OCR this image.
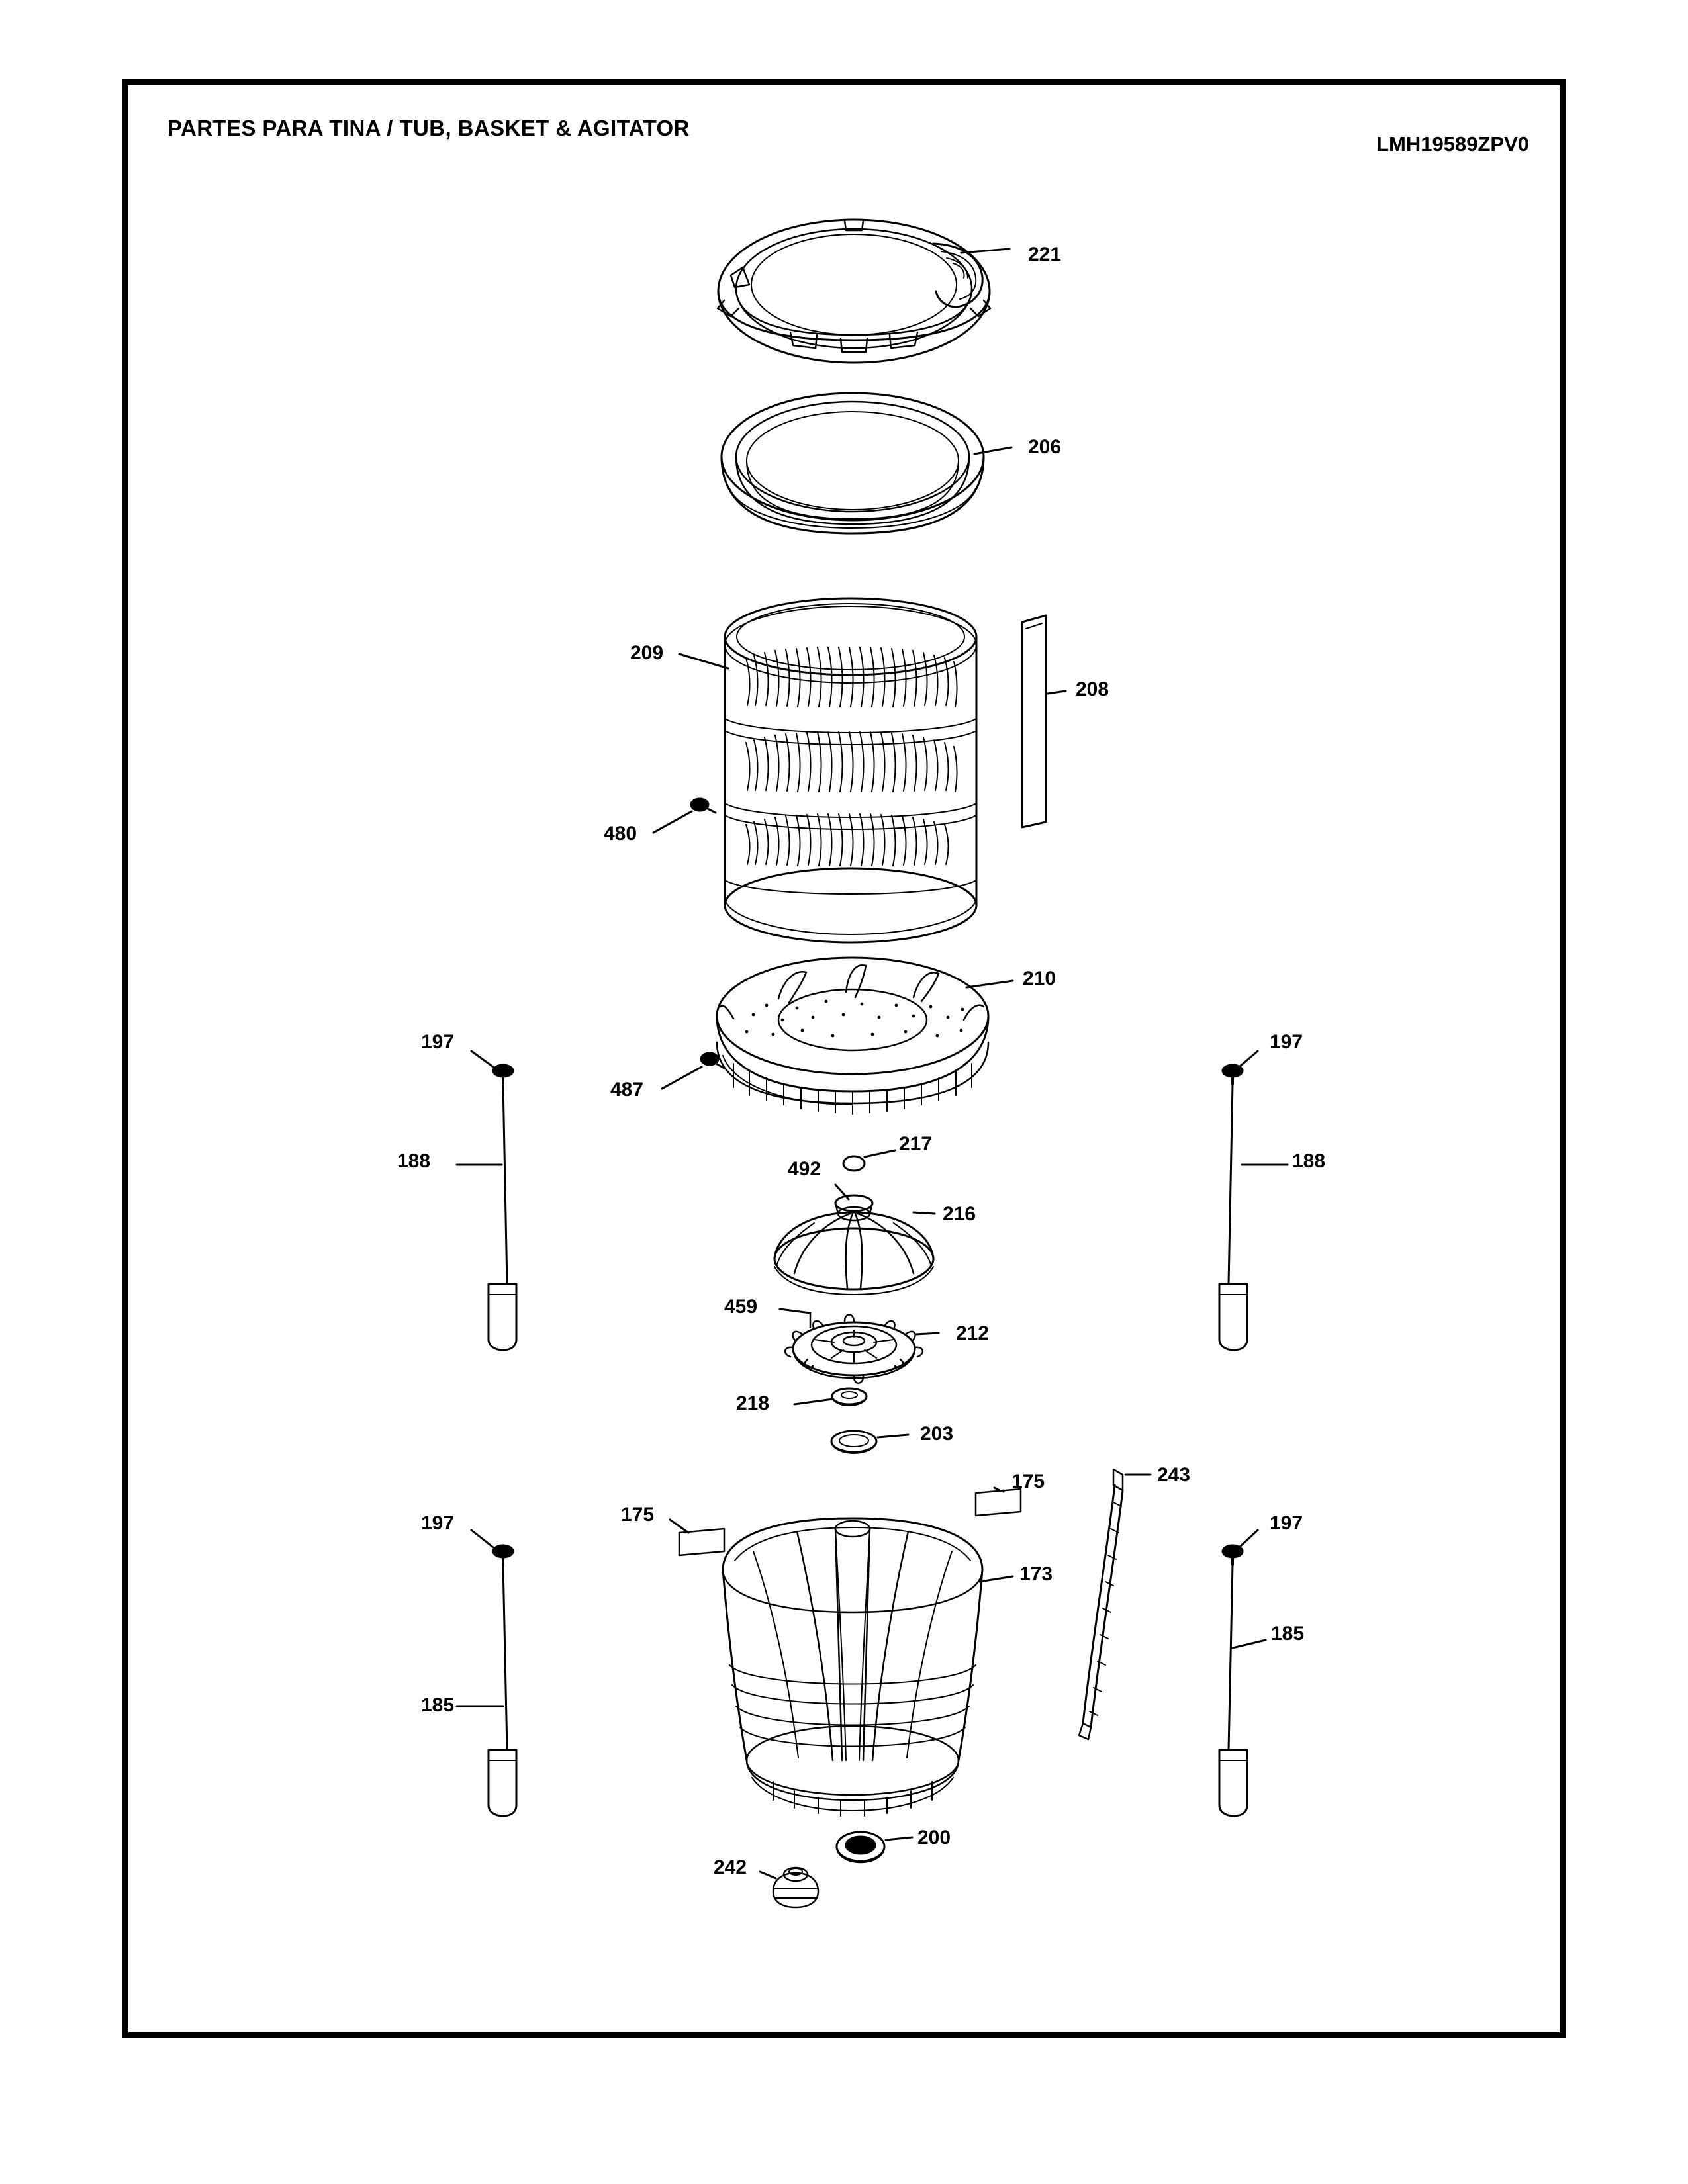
PARTES PARA TINA / TUB, BASKET & AGITATOR
LMH19589ZPV0
221
206
209
208
480
210
487
197
188
197
188
217
492
216
459
212
218
203
175	243
175
173
197
185
197
185
200
242
